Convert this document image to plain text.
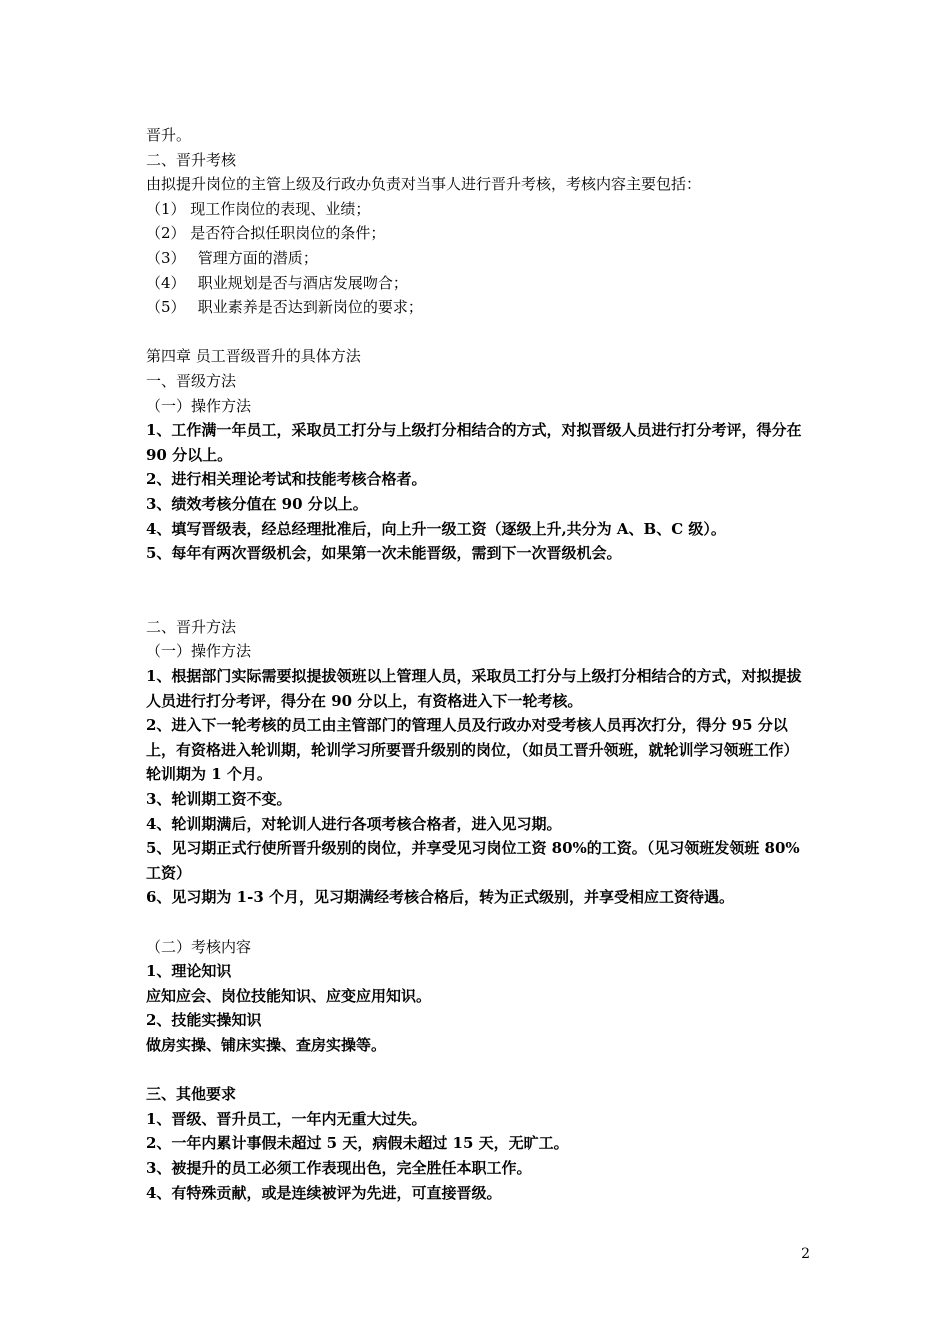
晋升。

二、晋升考核

由拟提升岗位的主管上级及行政办负责对当事人进行晋升考核，考核内容主要包括：

（1） 现工作岗位的表现、业绩；

（2） 是否符合拟任职岗位的条件；

（3）　 管理方面的潜质；

（4）　 职业规划是否与酒店发展吻合；

（5）　 职业素养是否达到新岗位的要求；

第四章 员工晋级晋升的具体方法

一、晋级方法

（一）操作方法

1、工作满一年员工，采取员工打分与上级打分相结合的方式，对拟晋级人员进行打分考评，得分在 90 分以上。

2、进行相关理论考试和技能考核合格者。

3、绩效考核分值在 90 分以上。

4、填写晋级表，经总经理批准后，向上升一级工资（逐级上升,共分为 A、B、C 级）。

5、每年有两次晋级机会，如果第一次未能晋级，需到下一次晋级机会。

二、晋升方法

（一）操作方法

1、根据部门实际需要拟提拔领班以上管理人员，采取员工打分与上级打分相结合的方式，对拟提拔人员进行打分考评，得分在 90 分以上，有资格进入下一轮考核。

2、进入下一轮考核的员工由主管部门的管理人员及行政办对受考核人员再次打分，得分 95 分以上，有资格进入轮训期，轮训学习所要晋升级别的岗位，（如员工晋升领班，就轮训学习领班工作）轮训期为 1 个月。

3、轮训期工资不变。

4、轮训期满后，对轮训人进行各项考核合格者，进入见习期。

5、见习期正式行使所晋升级别的岗位，并享受见习岗位工资 80%的工资。（见习领班发领班 80%工资）

6、见习期为 1-3 个月，见习期满经考核合格后，转为正式级别，并享受相应工资待遇。

（二）考核内容

1、理论知识

应知应会、岗位技能知识、应变应用知识。

2、技能实操知识

做房实操、铺床实操、查房实操等。

三、其他要求

1、晋级、晋升员工，一年内无重大过失。

2、一年内累计事假未超过 5 天，病假未超过 15 天，无旷工。

3、被提升的员工必须工作表现出色，完全胜任本职工作。

4、有特殊贡献，或是连续被评为先进，可直接晋级。

2
